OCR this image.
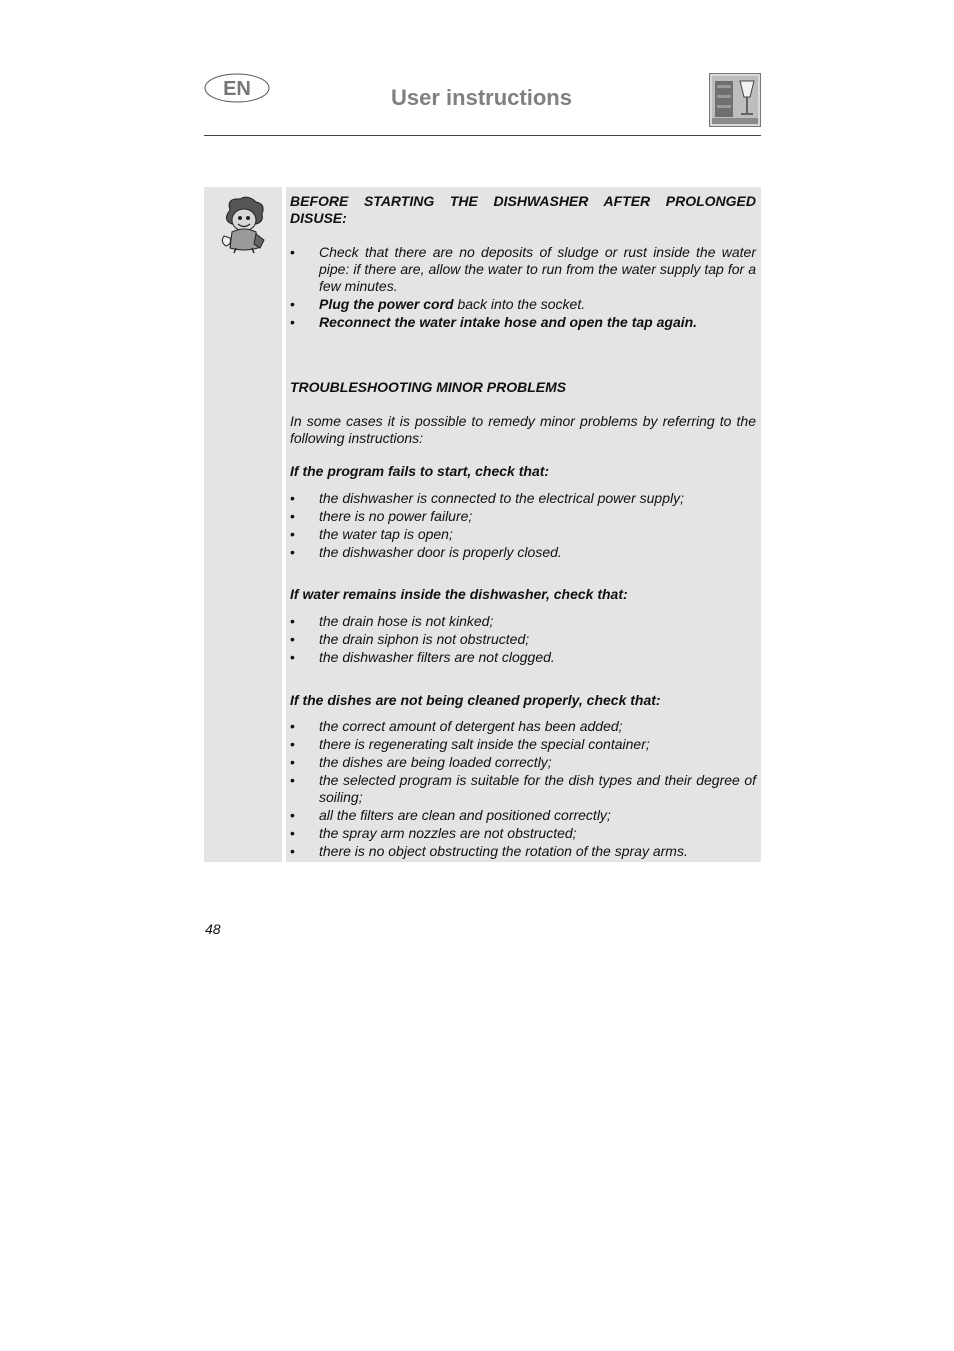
EN	User instructions

BEFORE STARTING THE DISHWASHER AFTER PROLONGED DISUSE:

• Check that there are no deposits of sludge or rust inside the water pipe: if there are, allow the water to run from the water supply tap for a few minutes.
• Plug the power cord back into the socket.
• Reconnect the water intake hose and open the tap again.

TROUBLESHOOTING MINOR PROBLEMS

In some cases it is possible to remedy minor problems by referring to the following instructions:

If the program fails to start, check that:

• the dishwasher is connected to the electrical power supply;
• there is no power failure;
• the water tap is open;
• the dishwasher door is properly closed.

If water remains inside the dishwasher, check that:

• the drain hose is not kinked;
• the drain siphon is not obstructed;
• the dishwasher filters are not clogged.

If the dishes are not being cleaned properly, check that:

• the correct amount of detergent has been added;
• there is regenerating salt inside the special container;
• the dishes are being loaded correctly;
• the selected program is suitable for the dish types and their degree of soiling;
• all the filters are clean and positioned correctly;
• the spray arm nozzles are not obstructed;
• there is no object obstructing the rotation of the spray arms.
48
